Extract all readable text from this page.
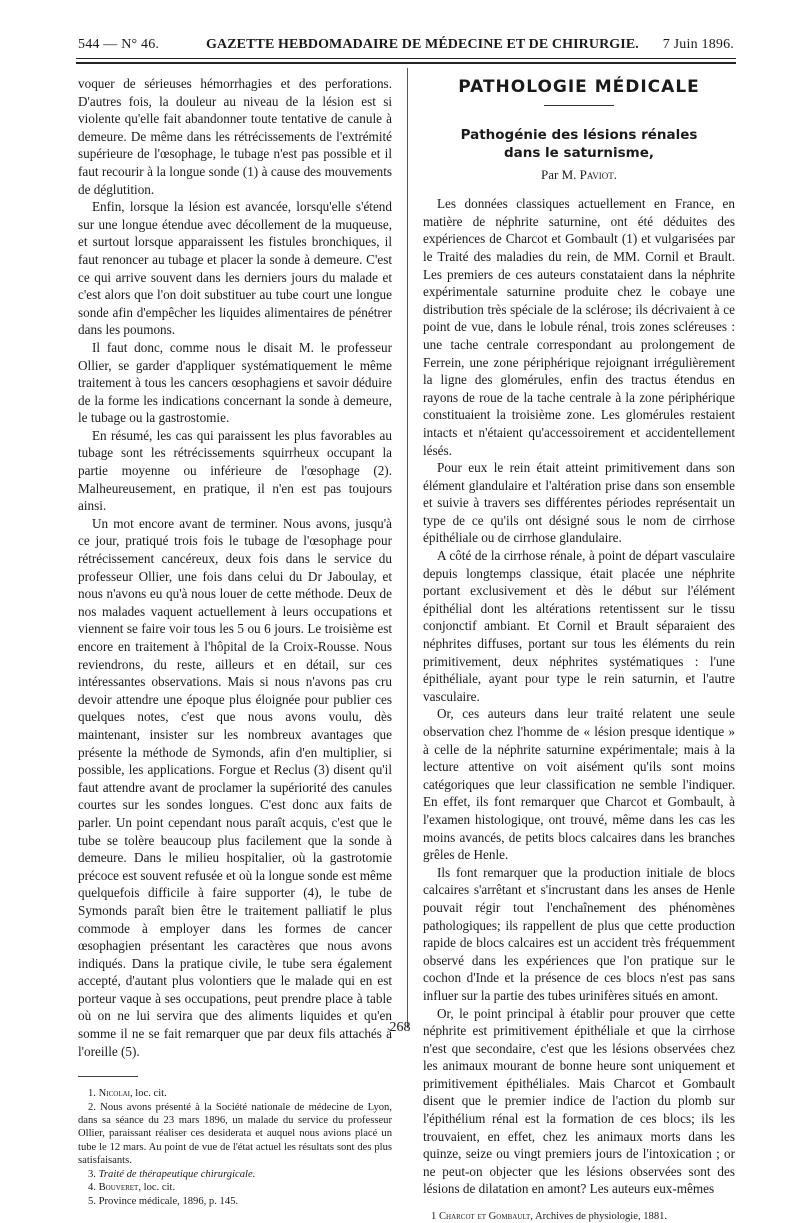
544 — N° 46.	GAZETTE HEBDOMADAIRE DE MÉDECINE ET DE CHIRURGIE. 7 Juin 1896.

voquer de sérieuses hémorrhagies et des perforations. D'autres fois, la douleur au niveau de la lésion est si violente qu'elle fait abandonner toute tentative de canule à demeure. De même dans les rétrécissements de l'extrémité supérieure de l'œsophage, le tubage n'est pas possible et il faut recourir à la longue sonde (1) à cause des mouvements de déglutition.

Enfin, lorsque la lésion est avancée, lorsqu'elle s'étend sur une longue étendue avec décollement de la muqueuse, et surtout lorsque apparaissent les fistules bronchiques, il faut renoncer au tubage et placer la sonde à demeure. C'est ce qui arrive souvent dans les derniers jours du malade et c'est alors que l'on doit substituer au tube court une longue sonde afin d'empêcher les liquides alimentaires de pénétrer dans les poumons.

Il faut donc, comme nous le disait M. le professeur Ollier, se garder d'appliquer systématiquement le même traitement à tous les cancers œsophagiens et savoir déduire de la forme les indications concernant la sonde à demeure, le tubage ou la gastrostomie.

En résumé, les cas qui paraissent les plus favorables au tubage sont les rétrécissements squirrheux occupant la partie moyenne ou inférieure de l'œsophage (2). Malheureusement, en pratique, il n'en est pas toujours ainsi.

Un mot encore avant de terminer. Nous avons, jusqu'à ce jour, pratiqué trois fois le tubage de l'œsophage pour rétrécissement cancéreux, deux fois dans le service du professeur Ollier, une fois dans celui du Dr Jaboulay, et nous n'avons eu qu'à nous louer de cette méthode. Deux de nos malades vaquent actuellement à leurs occupations et viennent se faire voir tous les 5 ou 6 jours. Le troisième est encore en traitement à l'hôpital de la Croix-Rousse. Nous reviendrons, du reste, ailleurs et en détail, sur ces intéressantes observations. Mais si nous n'avons pas cru devoir attendre une époque plus éloignée pour publier ces quelques notes, c'est que nous avons voulu, dès maintenant, insister sur les nombreux avantages que présente la méthode de Symonds, afin d'en multiplier, si possible, les applications. Forgue et Reclus (3) disent qu'il faut attendre avant de proclamer la supériorité des canules courtes sur les sondes longues. C'est donc aux faits de parler. Un point cependant nous paraît acquis, c'est que le tube se tolère beaucoup plus facilement que la sonde à demeure. Dans le milieu hospitalier, où la gastrotomie précoce est souvent refusée et où la longue sonde est même quelquefois difficile à faire supporter (4), le tube de Symonds paraît bien être le traitement palliatif le plus commode à employer dans les formes de cancer œsophagien présentant les caractères que nous avons indiqués. Dans la pratique civile, le tube sera également accepté, d'autant plus volontiers que le malade qui en est porteur vaque à ses occupations, peut prendre place à table où on ne lui servira que des aliments liquides et qu'en somme il ne se fait remarquer que par deux fils attachés à l'oreille (5).

1. Nicolai, loc. cit.

2. Nous avons présenté à la Société nationale de médecine de Lyon, dans sa séance du 23 mars 1896, un malade du service du professeur Ollier, paraissant réaliser ces desiderata et auquel nous avions placé un tube le 12 mars. Au point de vue de l'état actuel les résultats sont des plus satisfaisants.

3. Traité de thérapeutique chirurgicale.

4. Bouveret, loc. cit.

5. Province médicale, 1896, p. 145.

PATHOLOGIE MÉDICALE
Pathogénie des lésions rénales
dans le saturnisme,
Par M. Paviot.

Les données classiques actuellement en France, en matière de néphrite saturnine, ont été déduites des expériences de Charcot et Gombault (1) et vulgarisées par le Traité des maladies du rein, de MM. Cornil et Brault. Les premiers de ces auteurs constataient dans la néphrite expérimentale saturnine produite chez le cobaye une distribution très spéciale de la sclérose; ils décrivaient à ce point de vue, dans le lobule rénal, trois zones scléreuses : une tache centrale correspondant au prolongement de Ferrein, une zone périphérique rejoignant irrégulièrement la ligne des glomérules, enfin des tractus étendus en rayons de roue de la tache centrale à la zone périphérique constituaient la troisième zone. Les glomérules restaient intacts et n'étaient qu'accessoirement et accidentellement lésés.

Pour eux le rein était atteint primitivement dans son élément glandulaire et l'altération prise dans son ensemble et suivie à travers ses différentes périodes représentait un type de ce qu'ils ont désigné sous le nom de cirrhose épithéliale ou de cirrhose glandulaire.

A côté de la cirrhose rénale, à point de départ vasculaire depuis longtemps classique, était placée une néphrite portant exclusivement et dès le début sur l'élément épithélial dont les altérations retentissent sur le tissu conjonctif ambiant. Et Cornil et Brault séparaient des néphrites diffuses, portant sur tous les éléments du rein primitivement, deux néphrites systématiques : l'une épithéliale, ayant pour type le rein saturnin, et l'autre vasculaire.

Or, ces auteurs dans leur traité relatent une seule observation chez l'homme de « lésion presque identique » à celle de la néphrite saturnine expérimentale; mais à la lecture attentive on voit aisément qu'ils sont moins catégoriques que leur classification ne semble l'indiquer. En effet, ils font remarquer que Charcot et Gombault, à l'examen histologique, ont trouvé, même dans les cas les moins avancés, de petits blocs calcaires dans les branches grêles de Henle.

Ils font remarquer que la production initiale de blocs calcaires s'arrêtant et s'incrustant dans les anses de Henle pouvait régir tout l'enchaînement des phénomènes pathologiques; ils rappellent de plus que cette production rapide de blocs calcaires est un accident très fréquemment observé dans les expériences que l'on pratique sur le cochon d'Inde et la présence de ces blocs n'est pas sans influer sur la partie des tubes urinifères situés en amont.

Or, le point principal à établir pour prouver que cette néphrite est primitivement épithéliale et que la cirrhose n'est que secondaire, c'est que les lésions observées chez les animaux mourant de bonne heure sont uniquement et primitivement épithéliales. Mais Charcot et Gombault disent que le premier indice de l'action du plomb sur l'épithélium rénal est la formation de ces blocs; ils les trouvaient, en effet, chez les animaux morts dans les quinze, seize ou vingt premiers jours de l'intoxication ; or ne peut-on objecter que les lésions observées sont des lésions de dilatation en amont? Les auteurs eux-mêmes

1 Charcot et Gombault, Archives de physiologie, 1881.
268
